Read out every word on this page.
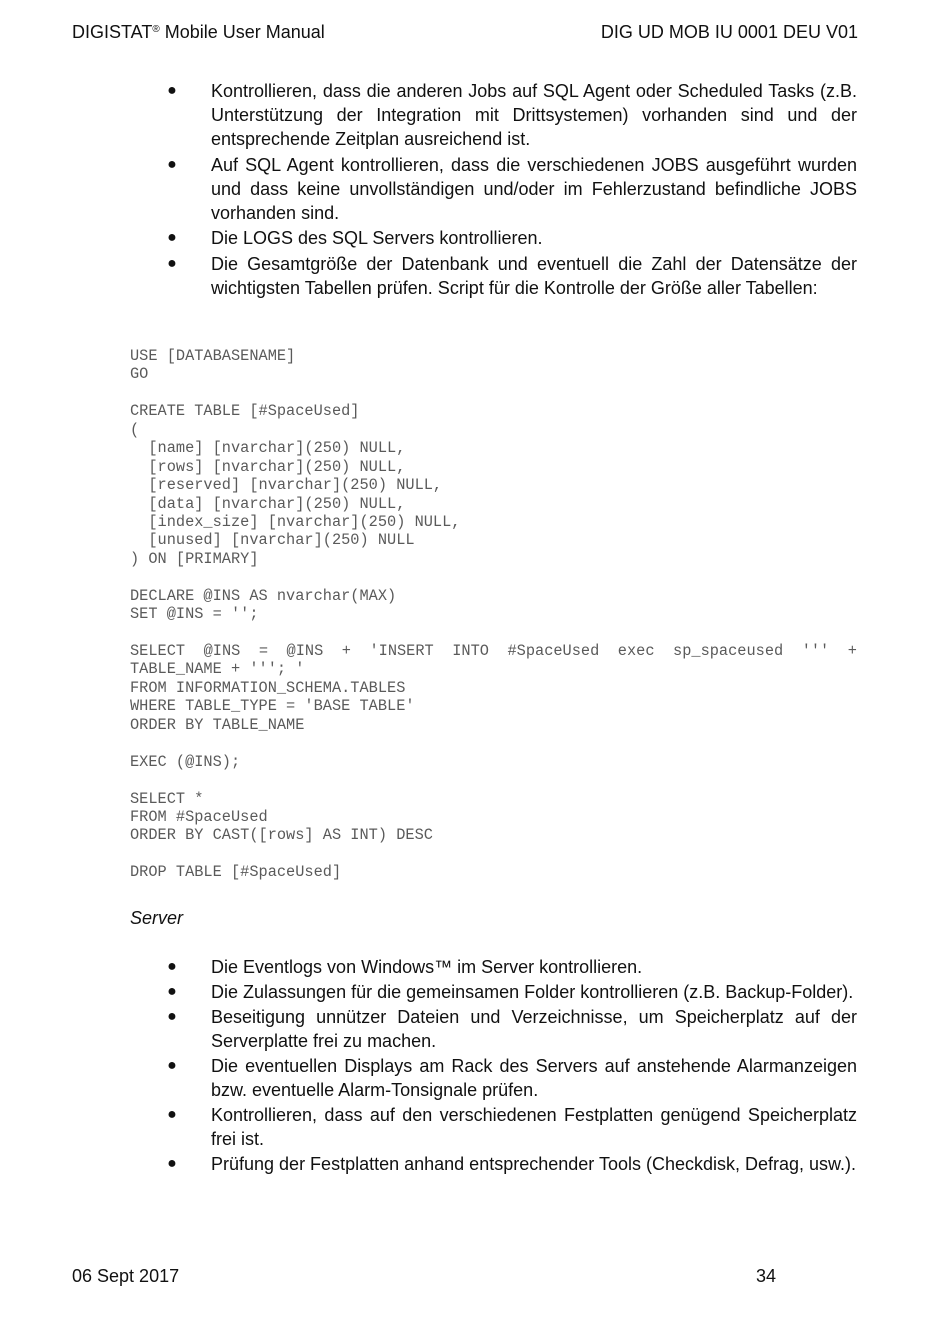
DIGISTAT® Mobile User Manual	DIG UD MOB IU 0001 DEU V01
● Kontrollieren, dass die anderen Jobs auf SQL Agent oder Scheduled Tasks (z.B. Unterstützung der Integration mit Drittsystemen) vorhanden sind und der entsprechende Zeitplan ausreichend ist.
● Auf SQL Agent kontrollieren, dass die verschiedenen JOBS ausgeführt wurden und dass keine unvollständigen und/oder im Fehlerzustand befindliche JOBS vorhanden sind.
● Die LOGS des SQL Servers kontrollieren.
● Die Gesamtgröße der Datenbank und eventuell die Zahl der Datensätze der wichtigsten Tabellen prüfen. Script für die Kontrolle der Größe aller Tabellen:
USE [DATABASENAME]
GO
CREATE TABLE [#SpaceUsed]
(
[name] [nvarchar](250) NULL,
[rows] [nvarchar](250) NULL,
[reserved] [nvarchar](250) NULL,
[data] [nvarchar](250) NULL,
[index_size] [nvarchar](250) NULL,
[unused] [nvarchar](250) NULL
) ON [PRIMARY]
DECLARE @INS AS nvarchar(MAX)
SET @INS = '';
SELECT @INS = @INS + 'INSERT INTO #SpaceUsed exec sp_spaceused ''' +
TABLE_NAME + '''; '
FROM INFORMATION_SCHEMA.TABLES
WHERE TABLE_TYPE = 'BASE TABLE'
ORDER BY TABLE_NAME
EXEC (@INS);
SELECT *
FROM #SpaceUsed
ORDER BY CAST([rows] AS INT) DESC
DROP TABLE [#SpaceUsed]
Server
● Die Eventlogs von Windows™ im Server kontrollieren.
● Die Zulassungen für die gemeinsamen Folder kontrollieren (z.B. Backup-Folder).
● Beseitigung unnützer Dateien und Verzeichnisse, um Speicherplatz auf der Serverplatte frei zu machen.
● Die eventuellen Displays am Rack des Servers auf anstehende Alarmanzeigen bzw. eventuelle Alarm-Tonsignale prüfen.
● Kontrollieren, dass auf den verschiedenen Festplatten genügend Speicherplatz frei ist.
● Prüfung der Festplatten anhand entsprechender Tools (Checkdisk, Defrag, usw.).
06 Sept 2017	34
